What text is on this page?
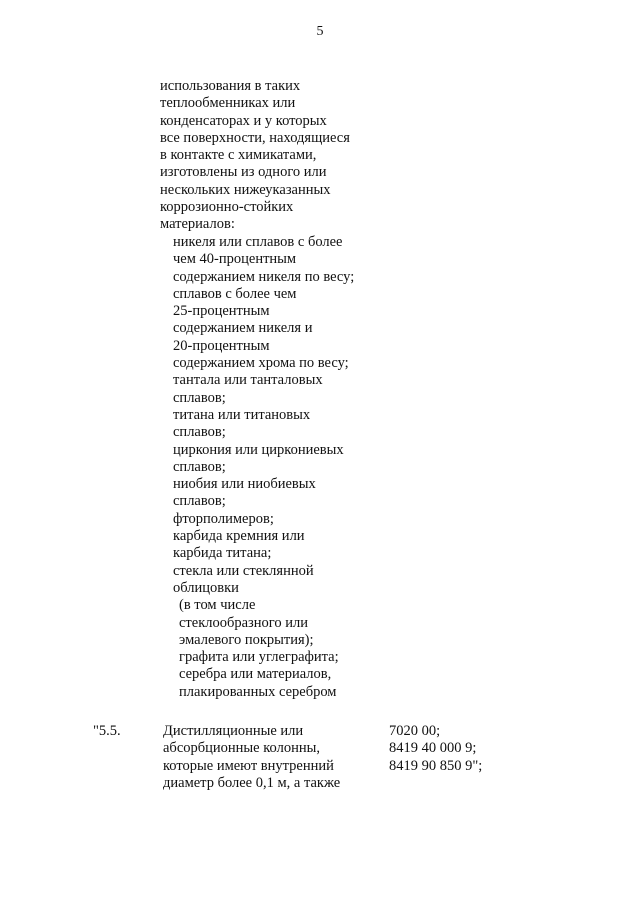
5
использования в таких
теплообменниках или
конденсаторах и у которых
все поверхности, находящиеся
в контакте с химикатами,
изготовлены из одного или
нескольких нижеуказанных
коррозионно-стойких
материалов:
никеля или сплавов с более
чем 40-процентным
содержанием никеля по весу;
сплавов с более чем
25-процентным
содержанием никеля и
20-процентным
содержанием хрома по весу;
тантала или танталовых
сплавов;
титана или титановых
сплавов;
циркония или циркониевых
сплавов;
ниобия или ниобиевых
сплавов;
фторполимеров;
карбида кремния или
карбида титана;
стекла или стеклянной
облицовки
(в том числе
стеклообразного или
эмалевого покрытия);
графита или углеграфита;
серебра или материалов,
плакированных серебром
"5.5.	Дистилляционные или
абсорбционные колонны,
которые имеют внутренний
диаметр более 0,1 м, а также
7020 00;
8419 40 000 9;
8419 90 850 9";
